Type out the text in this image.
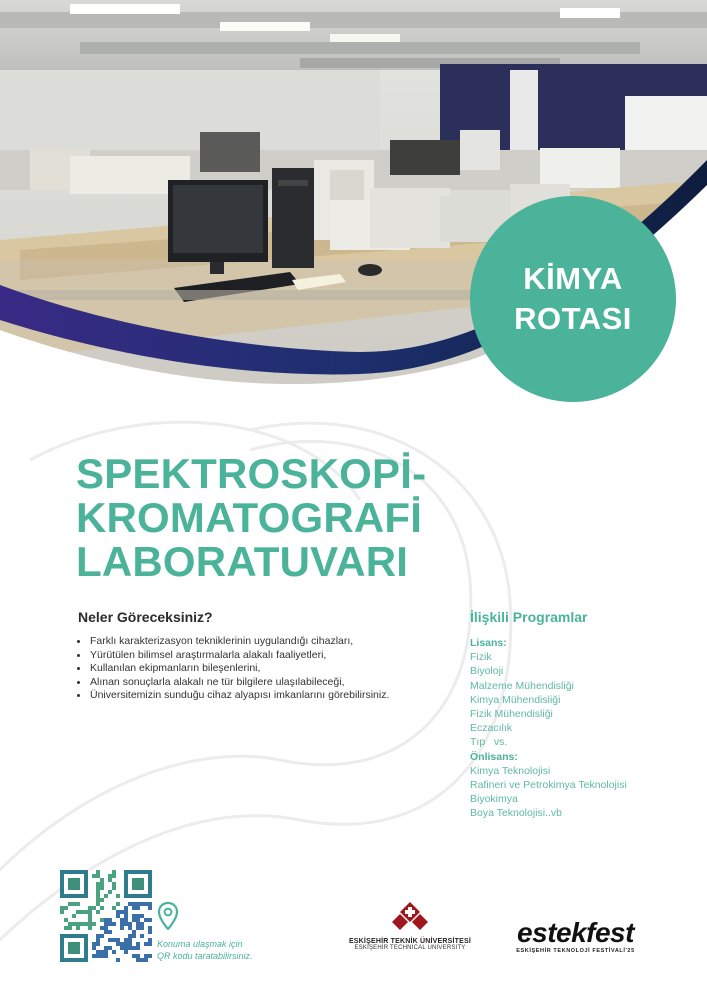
KİMYA
ROTASI
SPEKTROSKOPİ-
KROMATOGRAFİ
LABORATUVARI
Neler Göreceksiniz?
Farklı karakterizasyon tekniklerinin uygulandığı cihazları,
Yürütülen bilimsel araştırmalarla alakalı faaliyetleri,
Kullanılan ekipmanların bileşenlerini,
Alınan sonuçlarla alakalı ne tür bilgilere ulaşılabileceği,
Üniversitemizin sunduğu cihaz alyapısı imkanlarını görebilirsiniz.
İlişkili Programlar
Lisans:
Fizik
Biyoloji
Malzeme Mühendisliği
Kimya Mühendisliği
Fizik Mühendisliği
Eczacılık
Tıp   vs.
Önlisans:
Kimya Teknolojisi
Rafineri ve Petrokimya Teknolojisi
Biyokimya
Boya Teknolojisi..vb
Konuma ulaşmak için
QR kodu taratabilirsiniz.
ESKİŞEHİR TEKNİK ÜNİVERSİTESİ
ESKİŞEHİR TECHNICAL UNIVERSITY	estekfest
ESKİŞEHİR TEKNOLOJİ FESTİVALİ'25
